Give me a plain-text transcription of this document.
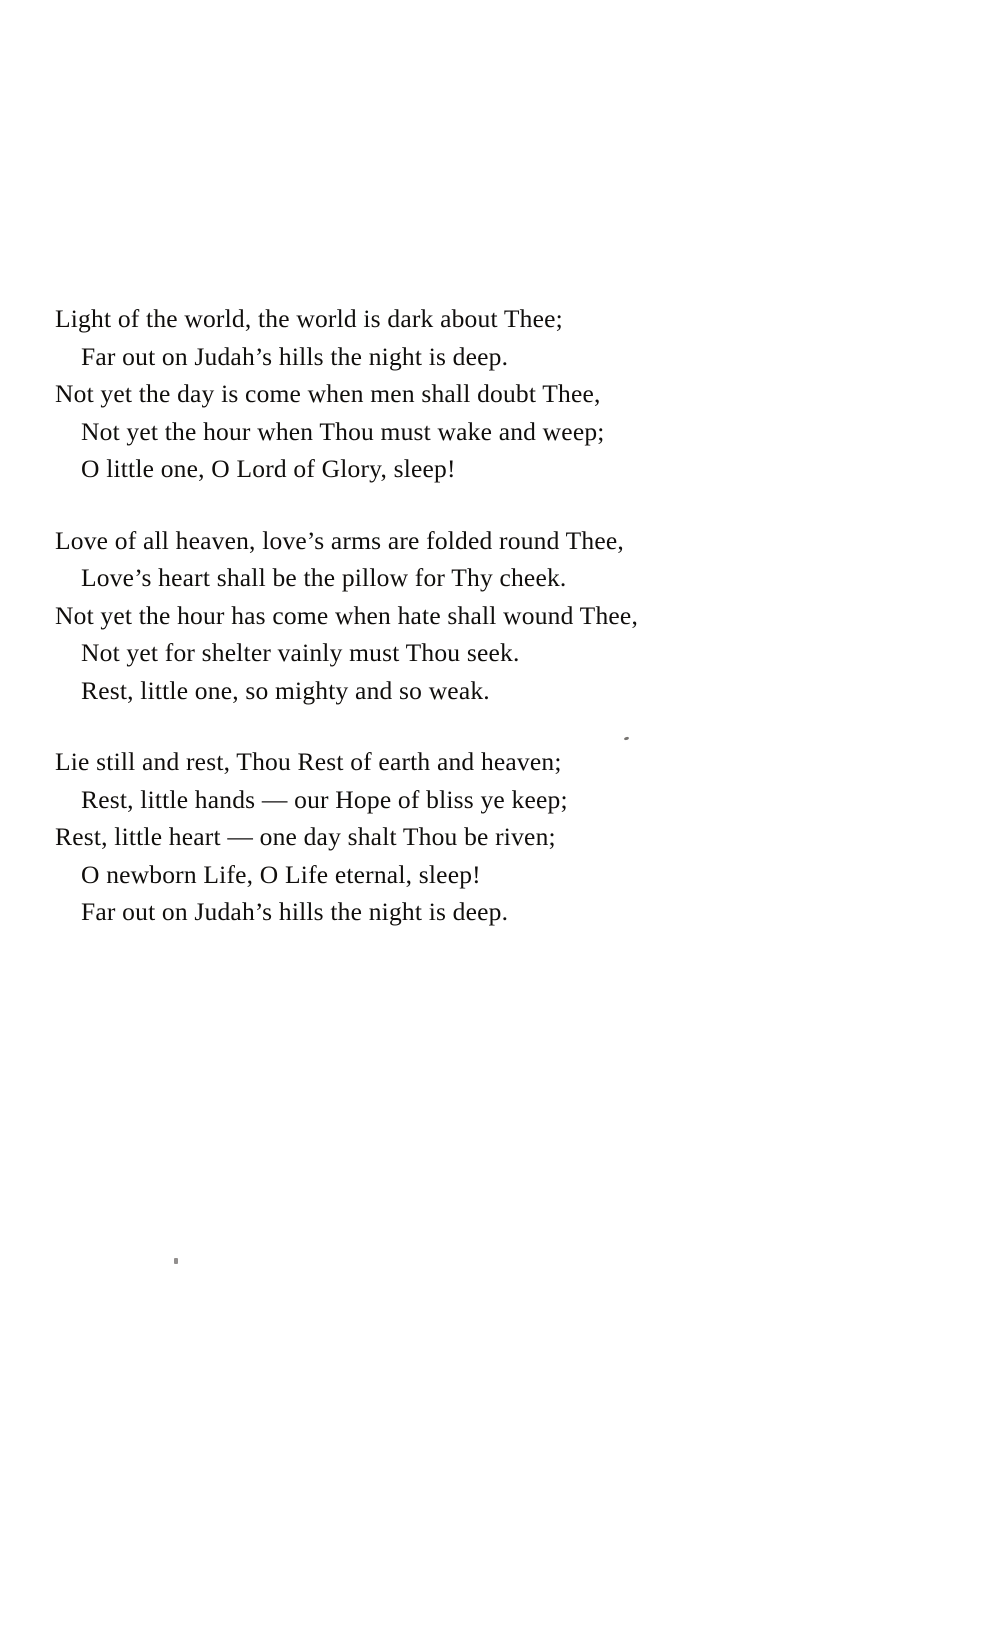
Light of the world, the world is dark about Thee;
Far out on Judah’s hills the night is deep.
Not yet the day is come when men shall doubt Thee,
Not yet the hour when Thou must wake and weep;
O little one, O Lord of Glory, sleep!
Love of all heaven, love’s arms are folded round Thee,
Love’s heart shall be the pillow for Thy cheek.
Not yet the hour has come when hate shall wound Thee,
Not yet for shelter vainly must Thou seek.
Rest, little one, so mighty and so weak.
Lie still and rest, Thou Rest of earth and heaven;
Rest, little hands — our Hope of bliss ye keep;
Rest, little heart — one day shalt Thou be riven;
O newborn Life, O Life eternal, sleep!
Far out on Judah’s hills the night is deep.
